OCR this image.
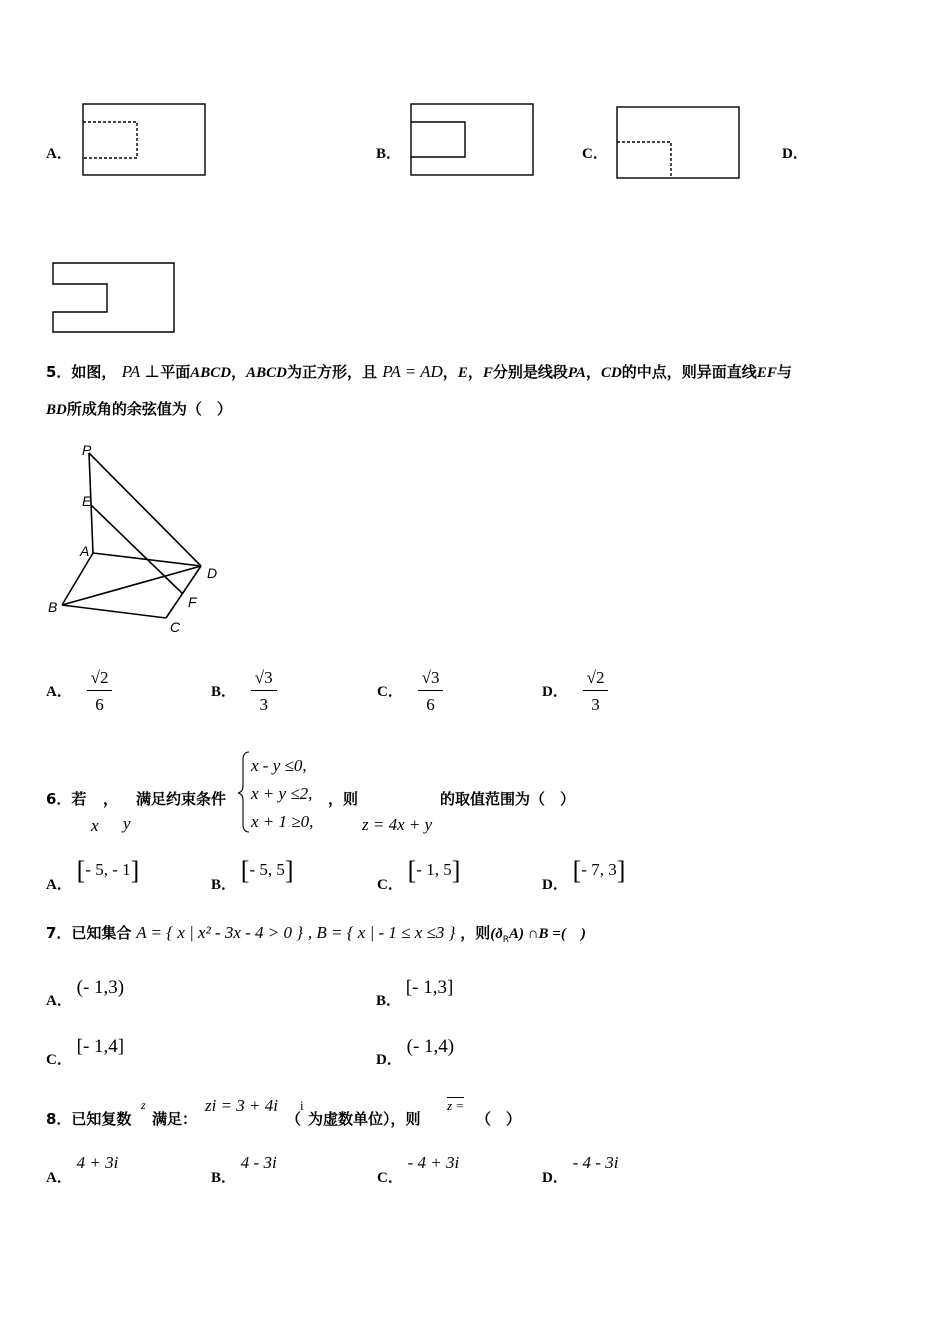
A．	B．	C．	D．
5．如图， PA ⊥平面ABCD，ABCD为正方形，且 PA = AD，E，F分别是线段PA，CD的中点，则异面直线EF与
BD所成角的余弦值为（　）
P
E
A
D
B	F
C
A． $\frac{√2}{6}$	B． $\frac{√3}{3}$	C． $\frac{√3}{6}$	D． $\frac{√2}{3}$
6．若 ，
x y
满足约束条件
x - y ≤0,
x + y ≤2,
x + 1 ≥0,
，则
z = 4x + y
的取值范围为（　）
A． [- 5, - 1]	B． [- 5, 5]	C． [- 1, 5]	D． [- 7, 3]
7．已知集合 A = { x | x² - 3x - 4 > 0 } , B = { x | - 1 ≤ x ≤3 } ，则$(ð_RA)$ ∩B =(　)
A． (- 1,3)
B． [- 1,3]
C． [- 1,4]
D． (- 1,4)
8．已知复数
z
满足：
zi = 3 + 4i
（
i
为虚数单位），则
z =
（　）
A． 4 + 3i
B． 4 - 3i
C． - 4 + 3i
D． - 4 - 3i
